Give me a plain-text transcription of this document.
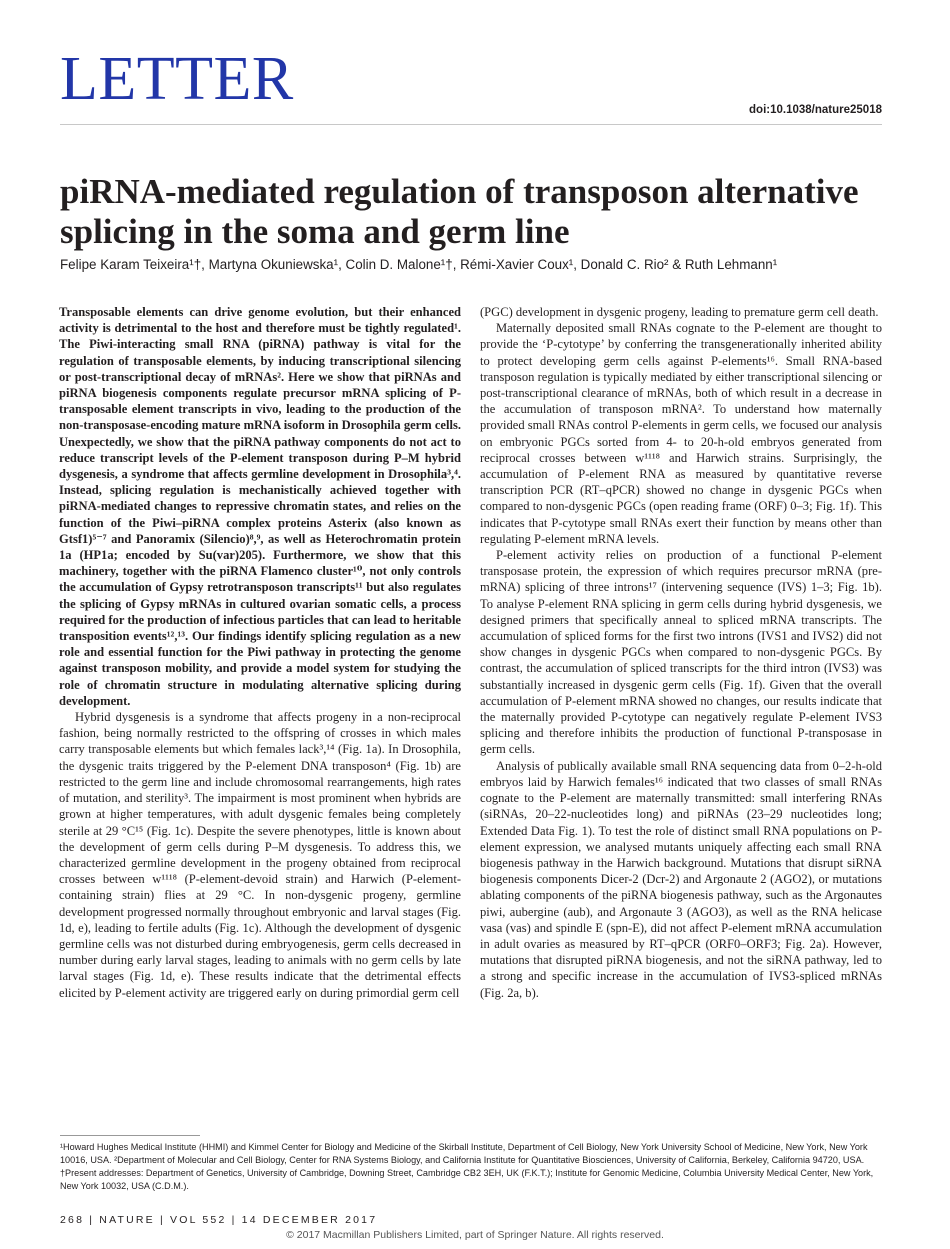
LETTER	doi:10.1038/nature25018
piRNA-mediated regulation of transposon alternative splicing in the soma and germ line
Felipe Karam Teixeira¹†, Martyna Okuniewska¹, Colin D. Malone¹†, Rémi-Xavier Coux¹, Donald C. Rio² & Ruth Lehmann¹

Transposable elements can drive genome evolution, but their enhanced activity is detrimental to the host and therefore must be tightly regulated¹. The Piwi-interacting small RNA (piRNA) pathway is vital for the regulation of transposable elements, by inducing transcriptional silencing or post-transcriptional decay of mRNAs². Here we show that piRNAs and piRNA biogenesis components regulate precursor mRNA splicing of P-transposable element transcripts in vivo, leading to the production of the non-transposase-encoding mature mRNA isoform in Drosophila germ cells. Unexpectedly, we show that the piRNA pathway components do not act to reduce transcript levels of the P-element transposon during P–M hybrid dysgenesis, a syndrome that affects germline development in Drosophila³,⁴. Instead, splicing regulation is mechanistically achieved together with piRNA-mediated changes to repressive chromatin states, and relies on the function of the Piwi–piRNA complex proteins Asterix (also known as Gtsf1)⁵⁻⁷ and Panoramix (Silencio)⁸,⁹, as well as Heterochromatin protein 1a (HP1a; encoded by Su(var)205). Furthermore, we show that this machinery, together with the piRNA Flamenco cluster¹⁰, not only controls the accumulation of Gypsy retrotransposon transcripts¹¹ but also regulates the splicing of Gypsy mRNAs in cultured ovarian somatic cells, a process required for the production of infectious particles that can lead to heritable transposition events¹²,¹³. Our findings identify splicing regulation as a new role and essential function for the Piwi pathway in protecting the genome against transposon mobility, and provide a model system for studying the role of chromatin structure in modulating alternative splicing during development.

Hybrid dysgenesis is a syndrome that affects progeny in a non-reciprocal fashion, being normally restricted to the offspring of crosses in which males carry transposable elements but which females lack³,¹⁴ (Fig. 1a). In Drosophila, the dysgenic traits triggered by the P-element DNA transposon⁴ (Fig. 1b) are restricted to the germ line and include chromosomal rearrangements, high rates of mutation, and sterility³. The impairment is most prominent when hybrids are grown at higher temperatures, with adult dysgenic females being completely sterile at 29 °C¹⁵ (Fig. 1c). Despite the severe phenotypes, little is known about the development of germ cells during P–M dysgenesis. To address this, we characterized germline development in the progeny obtained from reciprocal crosses between w¹¹¹⁸ (P-element-devoid strain) and Harwich (P-element-containing strain) flies at 29 °C. In non-dysgenic progeny, germline development progressed normally throughout embryonic and larval stages (Fig. 1d, e), leading to fertile adults (Fig. 1c). Although the development of dysgenic germline cells was not disturbed during embryogenesis, germ cells decreased in number during early larval stages, leading to animals with no germ cells by late larval stages (Fig. 1d, e). These results indicate that the detrimental effects elicited by P-element activity are triggered early on during primordial germ cell

(PGC) development in dysgenic progeny, leading to premature germ cell death.

Maternally deposited small RNAs cognate to the P-element are thought to provide the ‘P-cytotype’ by conferring the transgenerationally inherited ability to protect developing germ cells against P-elements¹⁶. Small RNA-based transposon regulation is typically mediated by either transcriptional silencing or post-transcriptional clearance of mRNAs, both of which result in a decrease in the accumulation of transposon mRNA². To understand how maternally provided small RNAs control P-elements in germ cells, we focused our analysis on embryonic PGCs sorted from 4- to 20-h-old embryos generated from reciprocal crosses between w¹¹¹⁸ and Harwich strains. Surprisingly, the accumulation of P-element RNA as measured by quantitative reverse transcription PCR (RT–qPCR) showed no change in dysgenic PGCs when compared to non-dysgenic PGCs (open reading frame (ORF) 0–3; Fig. 1f). This indicates that P-cytotype small RNAs exert their function by means other than regulating P-element mRNA levels.

P-element activity relies on production of a functional P-element transposase protein, the expression of which requires precursor mRNA (pre-mRNA) splicing of three introns¹⁷ (intervening sequence (IVS) 1–3; Fig. 1b). To analyse P-element RNA splicing in germ cells during hybrid dysgenesis, we designed primers that specifically anneal to spliced mRNA transcripts. The accumulation of spliced forms for the first two introns (IVS1 and IVS2) did not show changes in dysgenic PGCs when compared to non-dysgenic PGCs. By contrast, the accumulation of spliced transcripts for the third intron (IVS3) was substantially increased in dysgenic germ cells (Fig. 1f). Given that the overall accumulation of P-element mRNA showed no changes, our results indicate that the maternally provided P-cytotype can negatively regulate P-element IVS3 splicing and therefore inhibits the production of functional P-transposase in germ cells.

Analysis of publically available small RNA sequencing data from 0–2-h-old embryos laid by Harwich females¹⁶ indicated that two classes of small RNAs cognate to the P-element are maternally transmitted: small interfering RNAs (siRNAs, 20–22-nucleotides long) and piRNAs (23–29 nucleotides long; Extended Data Fig. 1). To test the role of distinct small RNA populations on P-element expression, we analysed mutants uniquely affecting each small RNA biogenesis pathway in the Harwich background. Mutations that disrupt siRNA biogenesis components Dicer-2 (Dcr-2) and Argonaute 2 (AGO2), or mutations ablating components of the piRNA biogenesis pathway, such as the Argonautes piwi, aubergine (aub), and Argonaute 3 (AGO3), as well as the RNA helicase vasa (vas) and spindle E (spn-E), did not affect P-element mRNA accumulation in adult ovaries as measured by RT–qPCR (ORF0–ORF3; Fig. 2a). However, mutations that disrupted piRNA biogenesis, and not the siRNA pathway, led to a strong and specific increase in the accumulation of IVS3-spliced mRNAs (Fig. 2a, b).

¹Howard Hughes Medical Institute (HHMI) and Kimmel Center for Biology and Medicine of the Skirball Institute, Department of Cell Biology, New York University School of Medicine, New York, New York 10016, USA. ²Department of Molecular and Cell Biology, Center for RNA Systems Biology, and California Institute for Quantitative Biosciences, University of California, Berkeley, California 94720, USA. †Present addresses: Department of Genetics, University of Cambridge, Downing Street, Cambridge CB2 3EH, UK (F.K.T.); Institute for Genomic Medicine, Columbia University Medical Center, New York, New York 10032, USA (C.D.M.).
268 | NATURE | VOL 552 | 14 DECEMBER 2017
© 2017 Macmillan Publishers Limited, part of Springer Nature. All rights reserved.
